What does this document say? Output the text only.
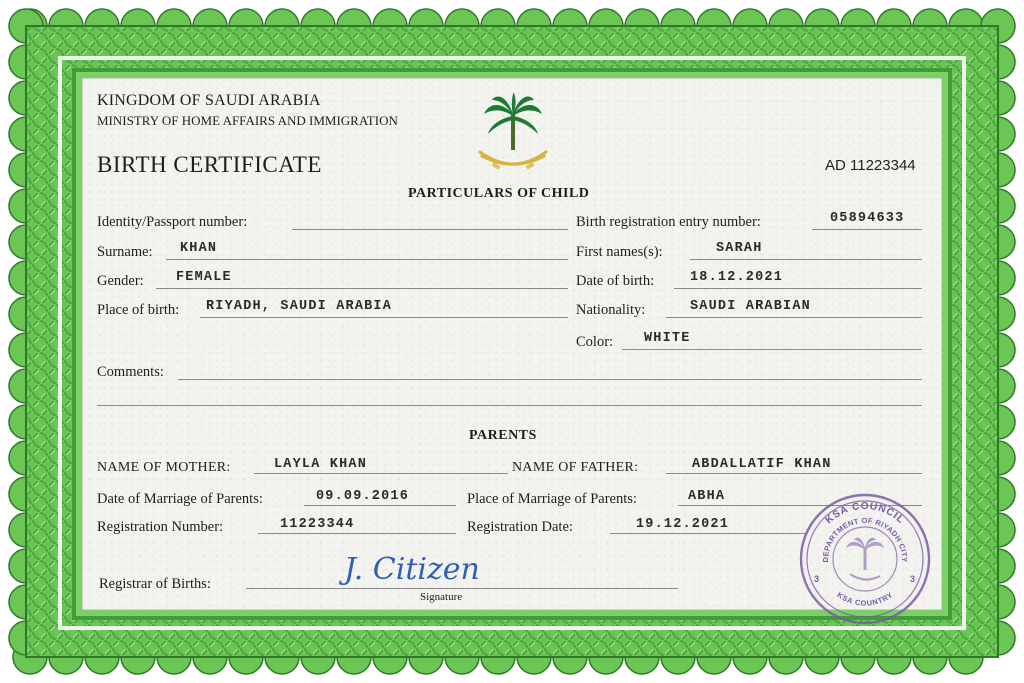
KINGDOM OF SAUDI ARABIA
MINISTRY OF HOME AFFAIRS AND IMMIGRATION
BIRTH CERTIFICATE	AD 11223344
PARTICULARS OF CHILD
Identity/Passport number:	Birth registration entry number:	05894633
Surname: KHAN	First names(s):	SARAH
Gender: FEMALE	Date of birth:	18.12.2021
Place of birth: RIYADH, SAUDI ARABIA	Nationality:	SAUDI ARABIAN
Color: WHITE
Comments:
PARENTS
NAME OF MOTHER:	LAYLA KHAN	NAME OF FATHER:	ABDALLATIF KHAN
Date of Marriage of Parents:	09.09.2016	Place of Marriage of Parents:	ABHA
Registration Number:	11223344	Registration Date:	19.12.2021
Registrar of Births:	J. Citizen
Signature
KSA COUNCIL
DEPARTMENT OF RIYADH CITY
KSA COUNTRY
3	3
